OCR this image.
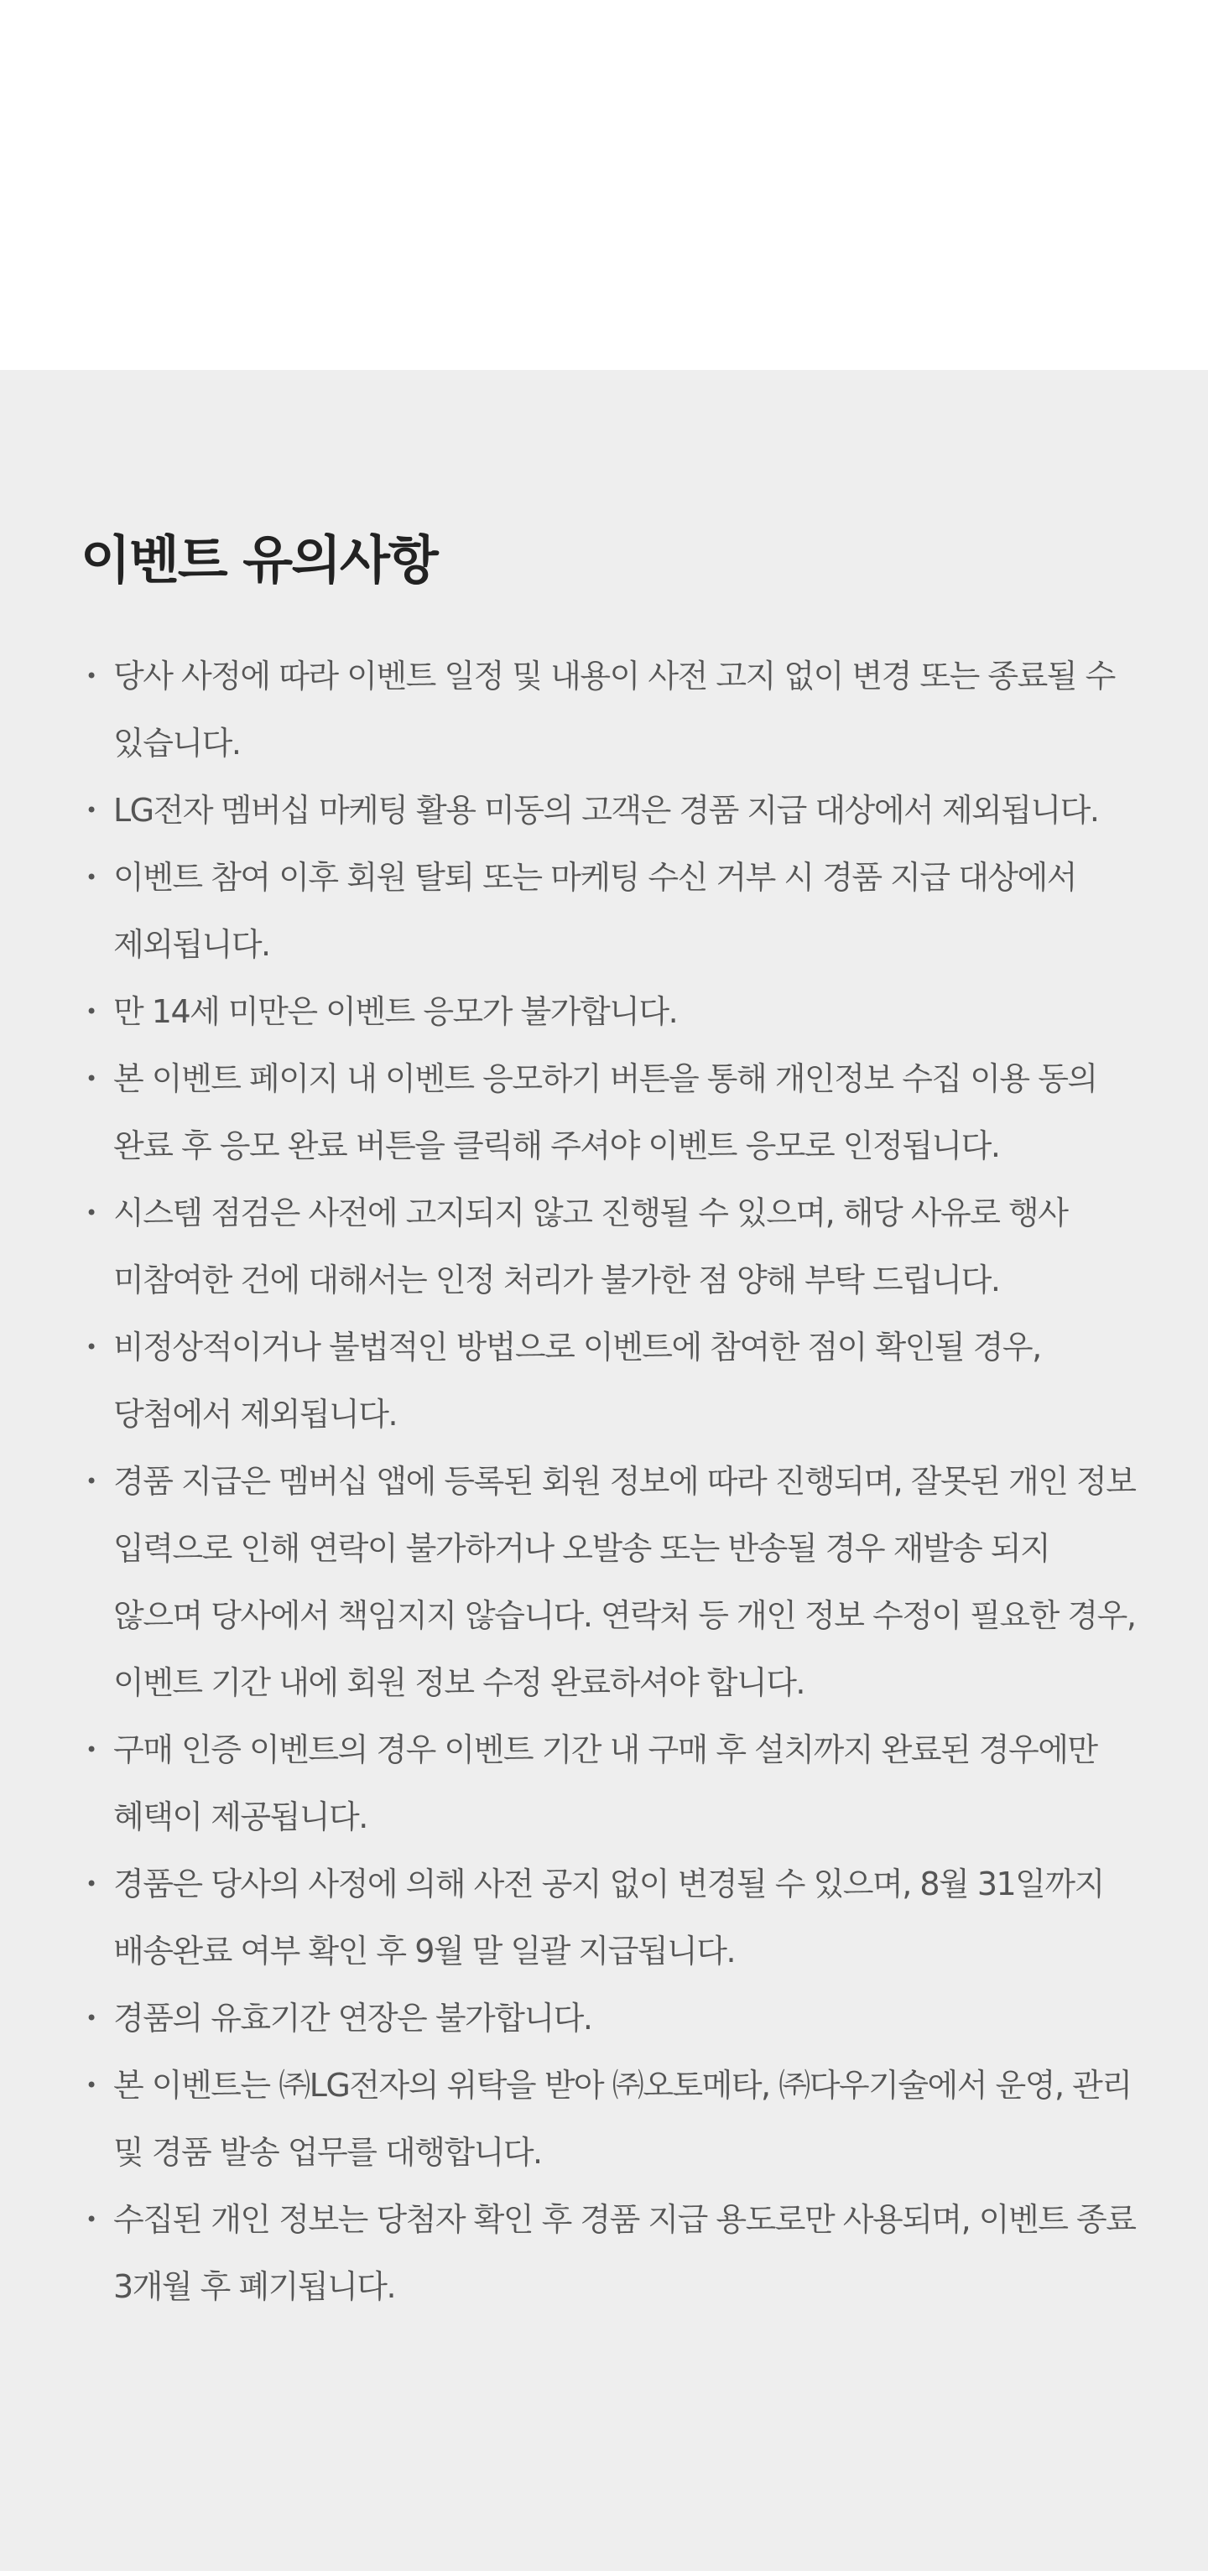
이벤트 유의사항
• 당사 사정에 따라 이벤트 일정 및 내용이 사전 고지 없이 변경 또는 종료될 수 있습니다.
• LG전자 멤버십 마케팅 활용 미동의 고객은 경품 지급 대상에서 제외됩니다.
• 이벤트 참여 이후 회원 탈퇴 또는 마케팅 수신 거부 시 경품 지급 대상에서 제외됩니다.
• 만 14세 미만은 이벤트 응모가 불가합니다.
• 본 이벤트 페이지 내 이벤트 응모하기 버튼을 통해 개인정보 수집 이용 동의 완료 후 응모 완료 버튼을 클릭해 주셔야 이벤트 응모로 인정됩니다.
• 시스템 점검은 사전에 고지되지 않고 진행될 수 있으며, 해당 사유로 행사 미참여한 건에 대해서는 인정 처리가 불가한 점 양해 부탁 드립니다.
• 비정상적이거나 불법적인 방법으로 이벤트에 참여한 점이 확인될 경우, 당첨에서 제외됩니다.
• 경품 지급은 멤버십 앱에 등록된 회원 정보에 따라 진행되며, 잘못된 개인 정보 입력으로 인해 연락이 불가하거나 오발송 또는 반송될 경우 재발송 되지 않으며 당사에서 책임지지 않습니다. 연락처 등 개인 정보 수정이 필요한 경우, 이벤트 기간 내에 회원 정보 수정 완료하셔야 합니다.
• 구매 인증 이벤트의 경우 이벤트 기간 내 구매 후 설치까지 완료된 경우에만 혜택이 제공됩니다.
• 경품은 당사의 사정에 의해 사전 공지 없이 변경될 수 있으며, 8월 31일까지 배송완료 여부 확인 후 9월 말 일괄 지급됩니다.
• 경품의 유효기간 연장은 불가합니다.
• 본 이벤트는 ㈜LG전자의 위탁을 받아 ㈜오토메타, ㈜다우기술에서 운영, 관리 및 경품 발송 업무를 대행합니다.
• 수집된 개인 정보는 당첨자 확인 후 경품 지급 용도로만 사용되며, 이벤트 종료 3개월 후 폐기됩니다.
